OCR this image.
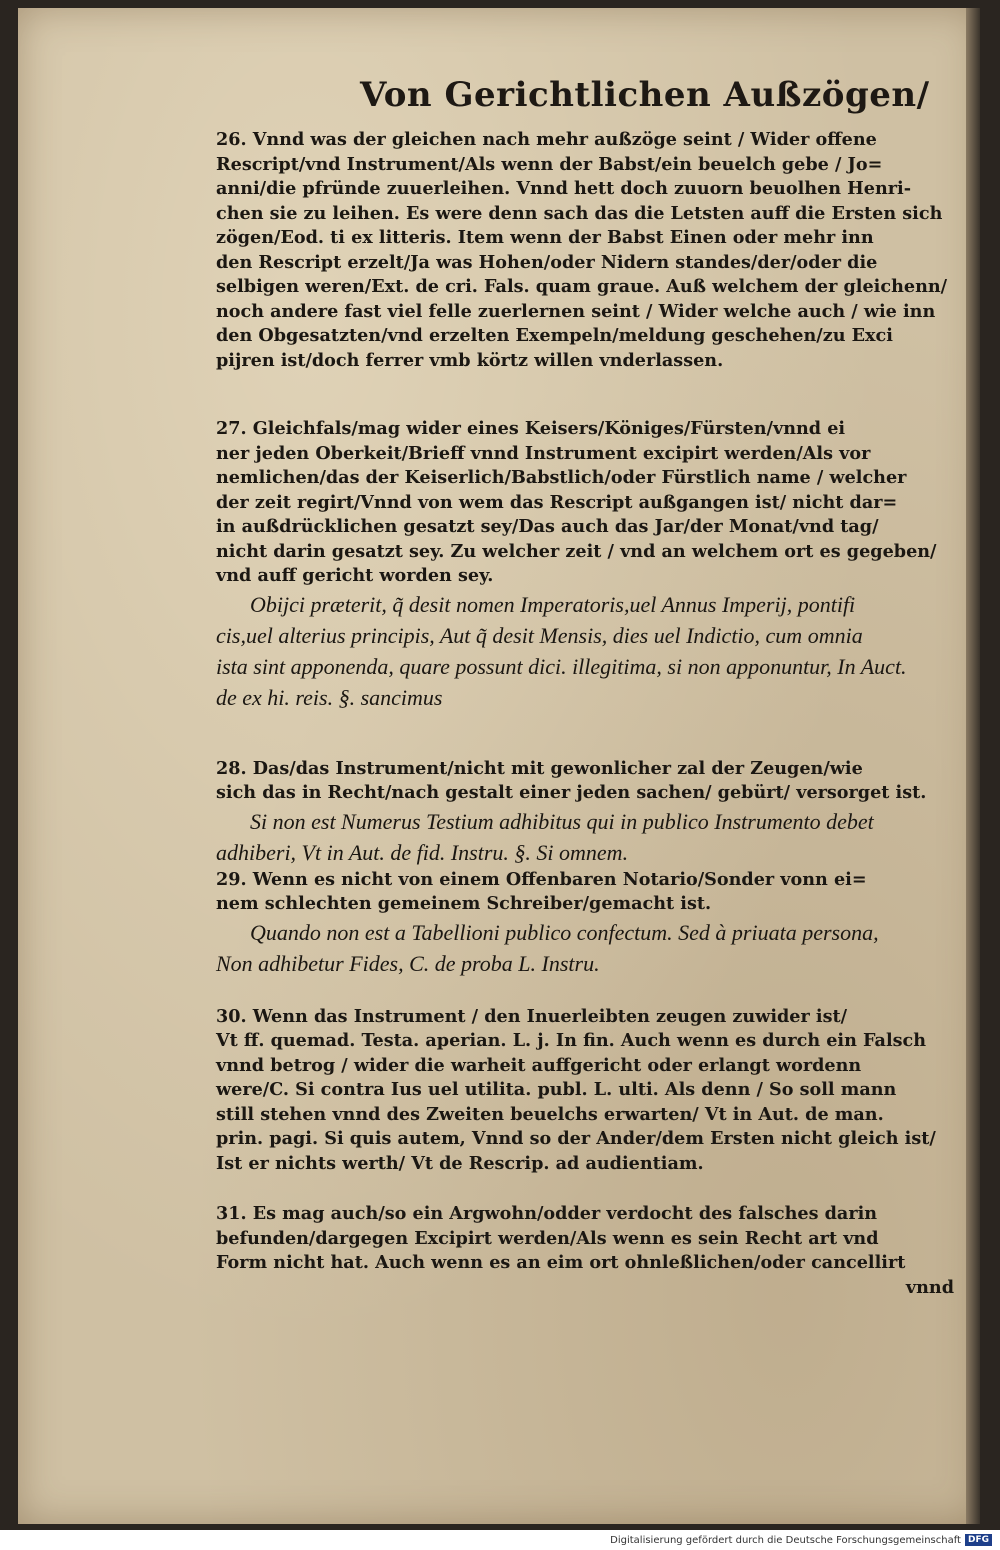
Von Gerichtlichen Außzögen/
26. Vnnd was der gleichen nach mehr außzöge seint / Wider offene
Rescript/vnd Instrument/Als wenn der Babst/ein beuelch gebe / Jo=
anni/die pfründe zuuerleihen. Vnnd hett doch zuuorn beuolhen Henri-
chen sie zu leihen. Es were denn sach das die Letsten auff die Ersten sich
zögen/Eod. ti ex litteris. Item wenn der Babst Einen oder mehr inn
den Rescript erzelt/Ja was Hohen/oder Nidern standes/der/oder die
selbigen weren/Ext. de cri. Fals. quam graue. Auß welchem der gleichenn/
noch andere fast viel felle zuerlernen seint / Wider welche auch / wie inn
den Obgesatzten/vnd erzelten Exempeln/meldung geschehen/zu Exci
pijren ist/doch ferrer vmb körtz willen vnderlassen.
27. Gleichfals/mag wider eines Keisers/Königes/Fürsten/vnnd ei
ner jeden Oberkeit/Brieff vnnd Instrument excipirt werden/Als vor
nemlichen/das der Keiserlich/Babstlich/oder Fürstlich name / welcher
der zeit regirt/Vnnd von wem das Rescript außgangen ist/ nicht dar=
in außdrücklichen gesatzt sey/Das auch das Jar/der Monat/vnd tag/
nicht darin gesatzt sey. Zu welcher zeit / vnd an welchem ort es gegeben/
vnd auff gericht worden sey.
Obijci præterit, q̃ desit nomen Imperatoris,uel Annus Imperij, pontifi
cis,uel alterius principis, Aut q̃ desit Mensis, dies uel Indictio, cum omnia
ista sint apponenda, quare possunt dici. illegitima, si non apponuntur, In Auct.
de ex hi. reis. §. sancimus
28. Das/das Instrument/nicht mit gewonlicher zal der Zeugen/wie
sich das in Recht/nach gestalt einer jeden sachen/ gebürt/ versorget ist.
Si non est Numerus Testium adhibitus qui in publico Instrumento debet
adhiberi, Vt in Aut. de fid. Instru. §. Si omnem.
29. Wenn es nicht von einem Offenbaren Notario/Sonder vonn ei=
nem schlechten gemeinem Schreiber/gemacht ist.
Quando non est a Tabellioni publico confectum. Sed à priuata persona,
Non adhibetur Fides, C. de proba L. Instru.
30. Wenn das Instrument / den Inuerleibten zeugen zuwider ist/
Vt ff. quemad. Testa. aperian. L. j. In fin. Auch wenn es durch ein Falsch
vnnd betrog / wider die warheit auffgericht oder erlangt wordenn
were/C. Si contra Ius uel utilita. publ. L. ulti. Als denn / So soll mann
still stehen vnnd des Zweiten beuelchs erwarten/ Vt in Aut. de man.
prin. pagi. Si quis autem, Vnnd so der Ander/dem Ersten nicht gleich ist/
Ist er nichts werth/ Vt de Rescrip. ad audientiam.
31. Es mag auch/so ein Argwohn/odder verdocht des falsches darin
befunden/dargegen Excipirt werden/Als wenn es sein Recht art vnd
Form nicht hat. Auch wenn es an eim ort ohnleßlichen/oder cancellirt
vnnd
Digitalisierung gefördert durch die Deutsche Forschungsgemeinschaft DFG
